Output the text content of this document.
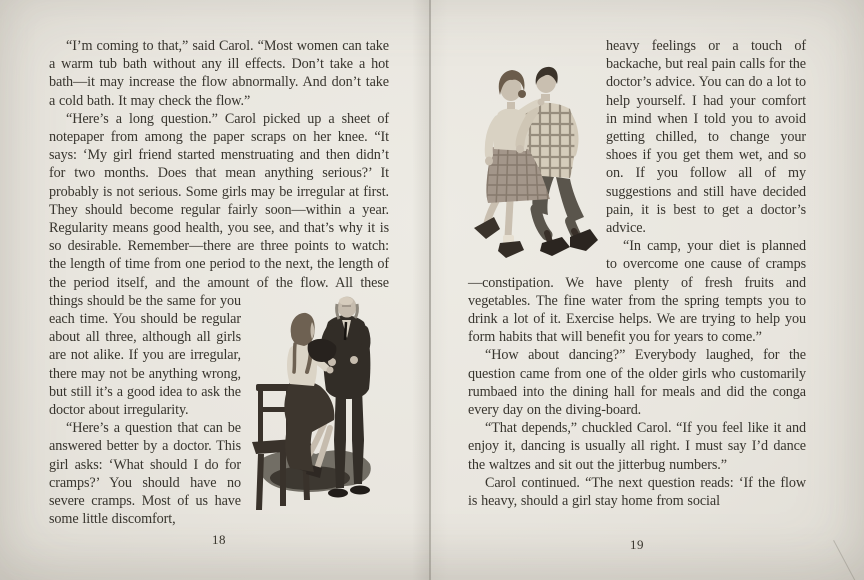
“I’m coming to that,” said Carol. “Most women can take a warm tub bath without any ill effects. Don’t take a hot bath—it may increase the flow abnormally. And don’t take a cold bath. It may check the flow.”

“Here’s a long question.” Carol picked up a sheet of notepaper from among the paper scraps on her knee. “It says: ‘My girl friend started menstruating and then didn’t for two months. Does that mean anything serious?’ It probably is not serious. Some girls may be irregular at first. They should become regular fairly soon—within a year. Regularity means good health, you see, and that’s why it is so desirable. Remember—there are three points to watch: the length of time from one period to the next, the length of the period itself, and the amount of the flow. All these
things should be the same for you each time. You should be regular about all three, although all girls are not alike. If you are irregular, there may not be anything wrong, but still it’s a good idea to ask the doctor about irregularity.

“Here’s a question that can be answered better by a doctor. This girl asks: ‘What should I do for cramps?’ You should have no severe cramps. Most of us have some little discomfort,

18

heavy feelings or a touch of backache, but real pain calls for the doctor’s advice. You can do a lot to help yourself. I had your comfort in mind when I told you to avoid getting chilled, to change your shoes if you get them wet, and so on. If you follow all of my suggestions and still have decided pain, it is best to get a doctor’s advice.

“In camp, your diet is planned to overcome one cause of cramps—constipation. We have plenty of fresh fruits and vegetables. The fine water from the spring tempts you to drink a lot of it. Exercise helps. We are trying to help you form habits that will benefit you for years to come.”

“How about dancing?” Everybody laughed, for the question came from one of the older girls who customarily rumbaed into the dining hall for meals and did the conga every day on the diving-board.

“That depends,” chuckled Carol. “If you feel like it and enjoy it, dancing is usually all right. I must say I’d dance the waltzes and sit out the jitterbug numbers.”

Carol continued. “The next question reads: ‘If the flow is heavy, should a girl stay home from social

19
